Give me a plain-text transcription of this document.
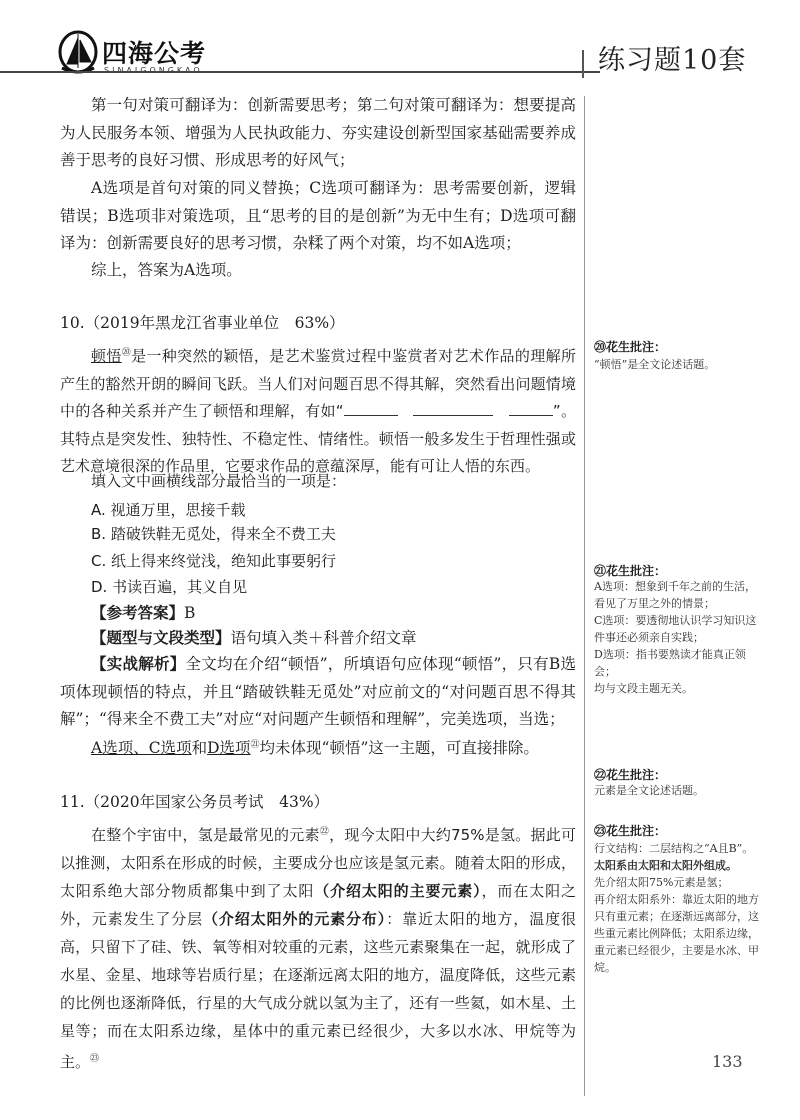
四海公考	练习题10套
第一句对策可翻译为：创新需要思考；第二句对策可翻译为：想要提高为人民服务本领、增强为人民执政能力、夯实建设创新型国家基础需要养成善于思考的良好习惯、形成思考的好风气；
A选项是首句对策的同义替换；C选项可翻译为：思考需要创新，逻辑错误；B选项非对策选项，且“思考的目的是创新”为无中生有；D选项可翻译为：创新需要良好的思考习惯，杂糅了两个对策，均不如A选项；
综上，答案为A选项。
10.（2019年黑龙江省事业单位　63%）
顿悟⑳是一种突然的颖悟，是艺术鉴赏过程中鉴赏者对艺术作品的理解所产生的豁然开朗的瞬间飞跃。当人们对问题百思不得其解，突然看出问题情境中的各种关系并产生了顿悟和理解，有如“　　	”。其特点是突发性、独特性、不稳定性、情绪性。顿悟一般多发生于哲理性强或艺术意境很深的作品里，它要求作品的意蕴深厚，能有可让人悟的东西。
填入文中画横线部分最恰当的一项是：
A. 视通万里，思接千载
B. 踏破铁鞋无觅处，得来全不费工夫
C. 纸上得来终觉浅，绝知此事要躬行
D. 书读百遍，其义自见
【参考答案】B
【题型与文段类型】语句填入类＋科普介绍文章
【实战解析】全文均在介绍“顿悟”，所填语句应体现“顿悟”，只有B选项体现顿悟的特点，并且“踏破铁鞋无觅处”对应前文的“对问题百思不得其解”；“得来全不费工夫”对应“对问题产生顿悟和理解”，完美选项，当选；
A选项、C选项和D选项$^㉑$均未体现“顿悟”这一主题，可直接排除。
11.（2020年国家公务员考试　43%）
在整个宇宙中，氢是最常见的元素$^㉒$，现今太阳中大约75%是氢。据此可以推测，太阳系在形成的时候，主要成分也应该是氢元素。随着太阳的形成，太阳系绝大部分物质都集中到了太阳（介绍太阳的主要元素），而在太阳之外，元素发生了分层（介绍太阳外的元素分布）：靠近太阳的地方，温度很高，只留下了硅、铁、氧等相对较重的元素，这些元素聚集在一起，就形成了水星、金星、地球等岩质行星；在逐渐远离太阳的地方，温度降低，这些元素的比例也逐渐降低，行星的大气成分就以氢为主了，还有一些氦，如木星、土星等；而在太阳系边缘，星体中的重元素已经很少，大多以水冰、甲烷等为主。$^㉓$
⑳花生批注：
“顿悟”是全文论述话题。
㉑花生批注：
A选项：想象到千年之前的生活，看见了万里之外的情景；
C选项：要透彻地认识学习知识这件事还必须亲自实践；
D选项：指书要熟读才能真正领会；
均与文段主题无关。
㉒花生批注：
元素是全文论述话题。
㉓花生批注：
行文结构：二层结构之“A且B”。
太阳系由太阳和太阳外组成。
先介绍太阳75%元素是氢；
再介绍太阳系外：靠近太阳的地方只有重元素；在逐渐远离部分，这些重元素比例降低；太阳系边缘，重元素已经很少，主要是水冰、甲烷。
133
